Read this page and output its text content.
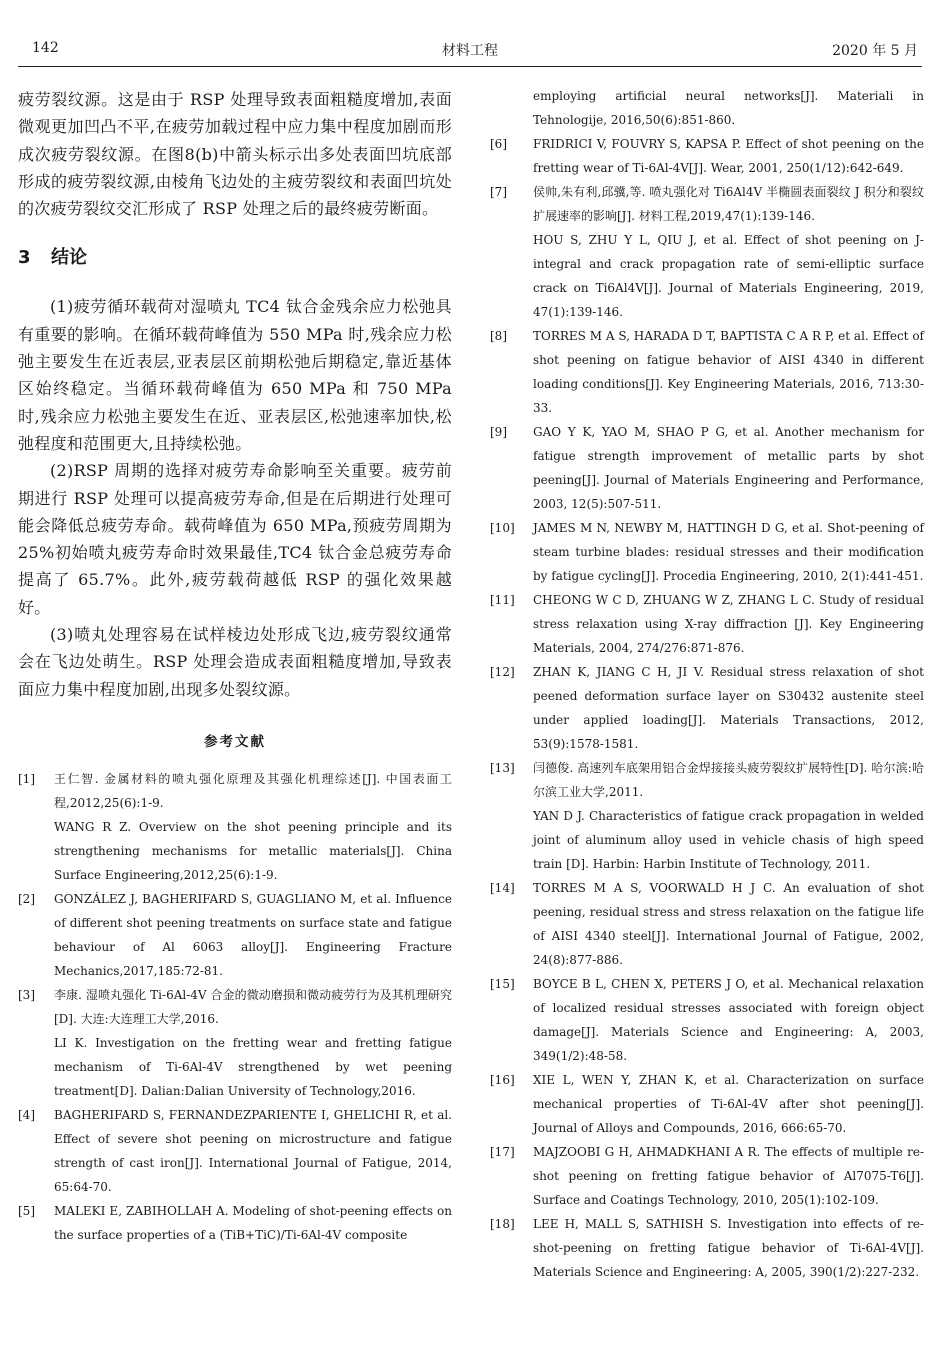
142	材料工程	2020 年 5 月

疲劳裂纹源。这是由于 RSP 处理导致表面粗糙度增加,表面微观更加凹凸不平,在疲劳加载过程中应力集中程度加剧而形成次疲劳裂纹源。在图8(b)中箭头标示出多处表面凹坑底部形成的疲劳裂纹源,由棱角飞边处的主疲劳裂纹和表面凹坑处的次疲劳裂纹交汇形成了 RSP 处理之后的最终疲劳断面。

3 结论

(1)疲劳循环载荷对湿喷丸 TC4 钛合金残余应力松弛具有重要的影响。在循环载荷峰值为 550 MPa 时,残余应力松弛主要发生在近表层,亚表层区前期松弛后期稳定,靠近基体区始终稳定。当循环载荷峰值为 650 MPa 和 750 MPa 时,残余应力松弛主要发生在近、亚表层区,松弛速率加快,松弛程度和范围更大,且持续松弛。

(2)RSP 周期的选择对疲劳寿命影响至关重要。疲劳前期进行 RSP 处理可以提高疲劳寿命,但是在后期进行处理可能会降低总疲劳寿命。载荷峰值为 650 MPa,预疲劳周期为 25%初始喷丸疲劳寿命时效果最佳,TC4 钛合金总疲劳寿命提高了 65.7%。此外,疲劳载荷越低 RSP 的强化效果越好。

(3)喷丸处理容易在试样棱边处形成飞边,疲劳裂纹通常会在飞边处萌生。RSP 处理会造成表面粗糙度增加,导致表面应力集中程度加剧,出现多处裂纹源。

参考文献
[1] 王仁智. 金属材料的喷丸强化原理及其强化机理综述[J]. 中国表面工程,2012,25(6):1-9.
WANG R Z. Overview on the shot peening principle and its strengthening mechanisms for metallic materials[J]. China Surface Engineering,2012,25(6):1-9.
[2] GONZÁLEZ J, BAGHERIFARD S, GUAGLIANO M, et al. Influence of different shot peening treatments on surface state and fatigue behaviour of Al 6063 alloy[J]. Engineering Fracture Mechanics,2017,185:72-81.
[3] 李康. 湿喷丸强化 Ti-6Al-4V 合金的微动磨损和微动疲劳行为及其机理研究[D]. 大连:大连理工大学,2016.
LI K. Investigation on the fretting wear and fretting fatigue mechanism of Ti-6Al-4V strengthened by wet peening treatment[D]. Dalian:Dalian University of Technology,2016.
[4] BAGHERIFARD S, FERNANDEZPARIENTE I, GHELICHI R, et al. Effect of severe shot peening on microstructure and fatigue strength of cast iron[J]. International Journal of Fatigue, 2014, 65:64-70.
[5] MALEKI E, ZABIHOLLAH A. Modeling of shot-peening effects on the surface properties of a (TiB+TiC)/Ti-6Al-4V composite
employing artificial neural networks[J]. Materiali in Tehnologije, 2016,50(6):851-860.
[6] FRIDRICI V, FOUVRY S, KAPSA P. Effect of shot peening on the fretting wear of Ti-6Al-4V[J]. Wear, 2001, 250(1/12):642-649.
[7] 侯帅,朱有利,邱骥,等. 喷丸强化对 Ti6Al4V 半椭圆表面裂纹 J 积分和裂纹扩展速率的影响[J]. 材料工程,2019,47(1):139-146.
HOU S, ZHU Y L, QIU J, et al. Effect of shot peening on J-integral and crack propagation rate of semi-elliptic surface crack on Ti6Al4V[J]. Journal of Materials Engineering, 2019, 47(1):139-146.
[8] TORRES M A S, HARADA D T, BAPTISTA C A R P, et al. Effect of shot peening on fatigue behavior of AISI 4340 in different loading conditions[J]. Key Engineering Materials, 2016, 713:30-33.
[9] GAO Y K, YAO M, SHAO P G, et al. Another mechanism for fatigue strength improvement of metallic parts by shot peening[J]. Journal of Materials Engineering and Performance, 2003, 12(5):507-511.
[10] JAMES M N, NEWBY M, HATTINGH D G, et al. Shot-peening of steam turbine blades: residual stresses and their modification by fatigue cycling[J]. Procedia Engineering, 2010, 2(1):441-451.
[11] CHEONG W C D, ZHUANG W Z, ZHANG L C. Study of residual stress relaxation using X-ray diffraction [J]. Key Engineering Materials, 2004, 274/276:871-876.
[12] ZHAN K, JIANG C H, JI V. Residual stress relaxation of shot peened deformation surface layer on S30432 austenite steel under applied loading[J]. Materials Transactions, 2012, 53(9):1578-1581.
[13] 闫德俊. 高速列车底架用铝合金焊接接头疲劳裂纹扩展特性[D]. 哈尔滨:哈尔滨工业大学,2011.
YAN D J. Characteristics of fatigue crack propagation in welded joint of aluminum alloy used in vehicle chasis of high speed train [D]. Harbin: Harbin Institute of Technology, 2011.
[14] TORRES M A S, VOORWALD H J C. An evaluation of shot peening, residual stress and stress relaxation on the fatigue life of AISI 4340 steel[J]. International Journal of Fatigue, 2002, 24(8):877-886.
[15] BOYCE B L, CHEN X, PETERS J O, et al. Mechanical relaxation of localized residual stresses associated with foreign object damage[J]. Materials Science and Engineering: A, 2003, 349(1/2):48-58.
[16] XIE L, WEN Y, ZHAN K, et al. Characterization on surface mechanical properties of Ti-6Al-4V after shot peening[J]. Journal of Alloys and Compounds, 2016, 666:65-70.
[17] MAJZOOBI G H, AHMADKHANI A R. The effects of multiple re-shot peening on fretting fatigue behavior of Al7075-T6[J]. Surface and Coatings Technology, 2010, 205(1):102-109.
[18] LEE H, MALL S, SATHISH S. Investigation into effects of re-shot-peening on fretting fatigue behavior of Ti-6Al-4V[J]. Materials Science and Engineering: A, 2005, 390(1/2):227-232.
